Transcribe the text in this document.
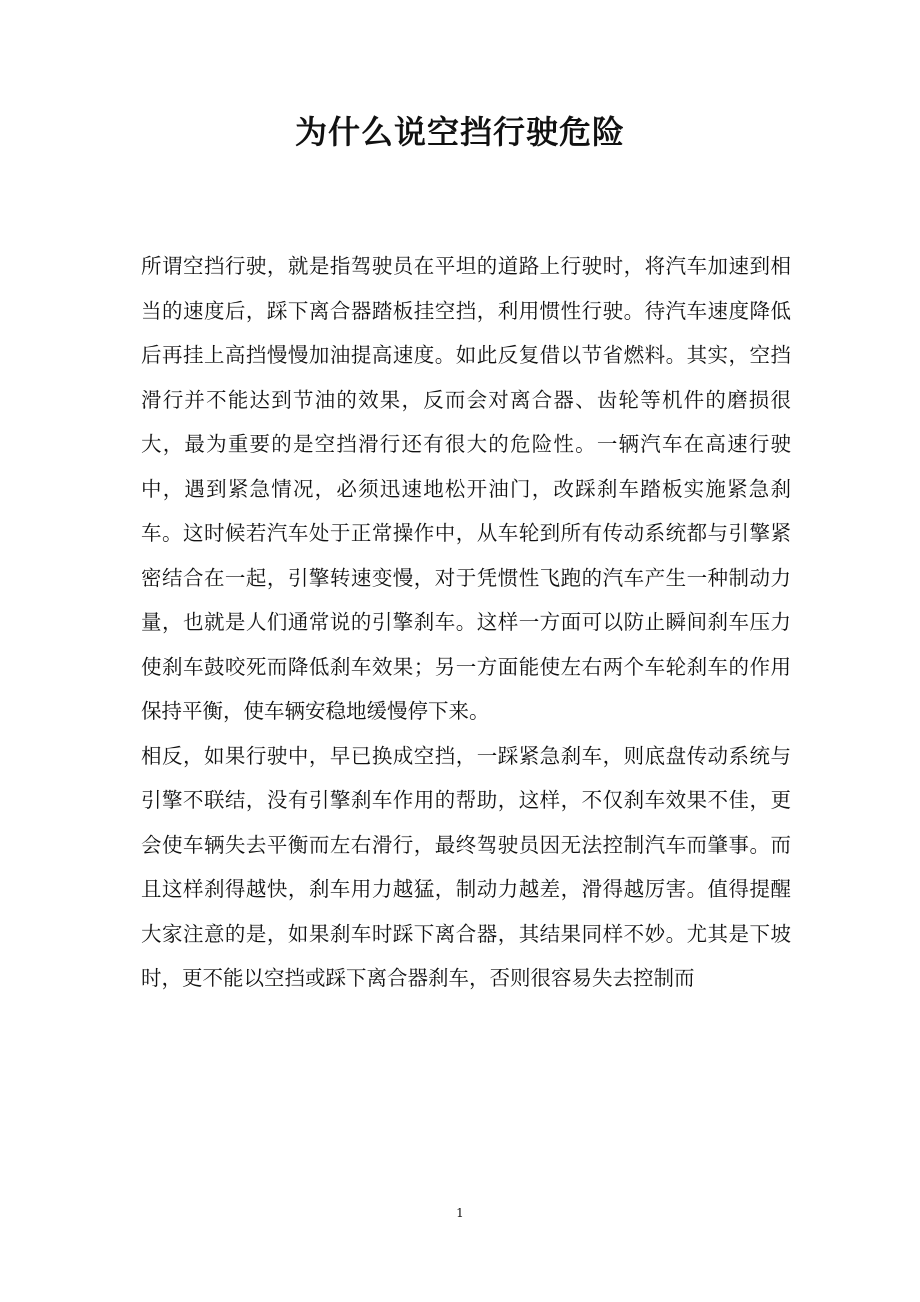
为什么说空挡行驶危险

所谓空挡行驶，就是指驾驶员在平坦的道路上行驶时，将汽车加速到相当的速度后，踩下离合器踏板挂空挡，利用惯性行驶。待汽车速度降低后再挂上高挡慢慢加油提高速度。如此反复借以节省燃料。其实，空挡滑行并不能达到节油的效果，反而会对离合器、齿轮等机件的磨损很大，最为重要的是空挡滑行还有很大的危险性。一辆汽车在高速行驶中，遇到紧急情况，必须迅速地松开油门，改踩刹车踏板实施紧急刹车。这时候若汽车处于正常操作中，从车轮到所有传动系统都与引擎紧密结合在一起，引擎转速变慢，对于凭惯性飞跑的汽车产生一种制动力量，也就是人们通常说的引擎刹车。这样一方面可以防止瞬间刹车压力使刹车鼓咬死而降低刹车效果；另一方面能使左右两个车轮刹车的作用保持平衡，使车辆安稳地缓慢停下来。

相反，如果行驶中，早已换成空挡，一踩紧急刹车，则底盘传动系统与引擎不联结，没有引擎刹车作用的帮助，这样，不仅刹车效果不佳，更会使车辆失去平衡而左右滑行，最终驾驶员因无法控制汽车而肇事。而且这样刹得越快，刹车用力越猛，制动力越差，滑得越厉害。值得提醒大家注意的是，如果刹车时踩下离合器，其结果同样不妙。尤其是下坡时，更不能以空挡或踩下离合器刹车，否则很容易失去控制而

1
